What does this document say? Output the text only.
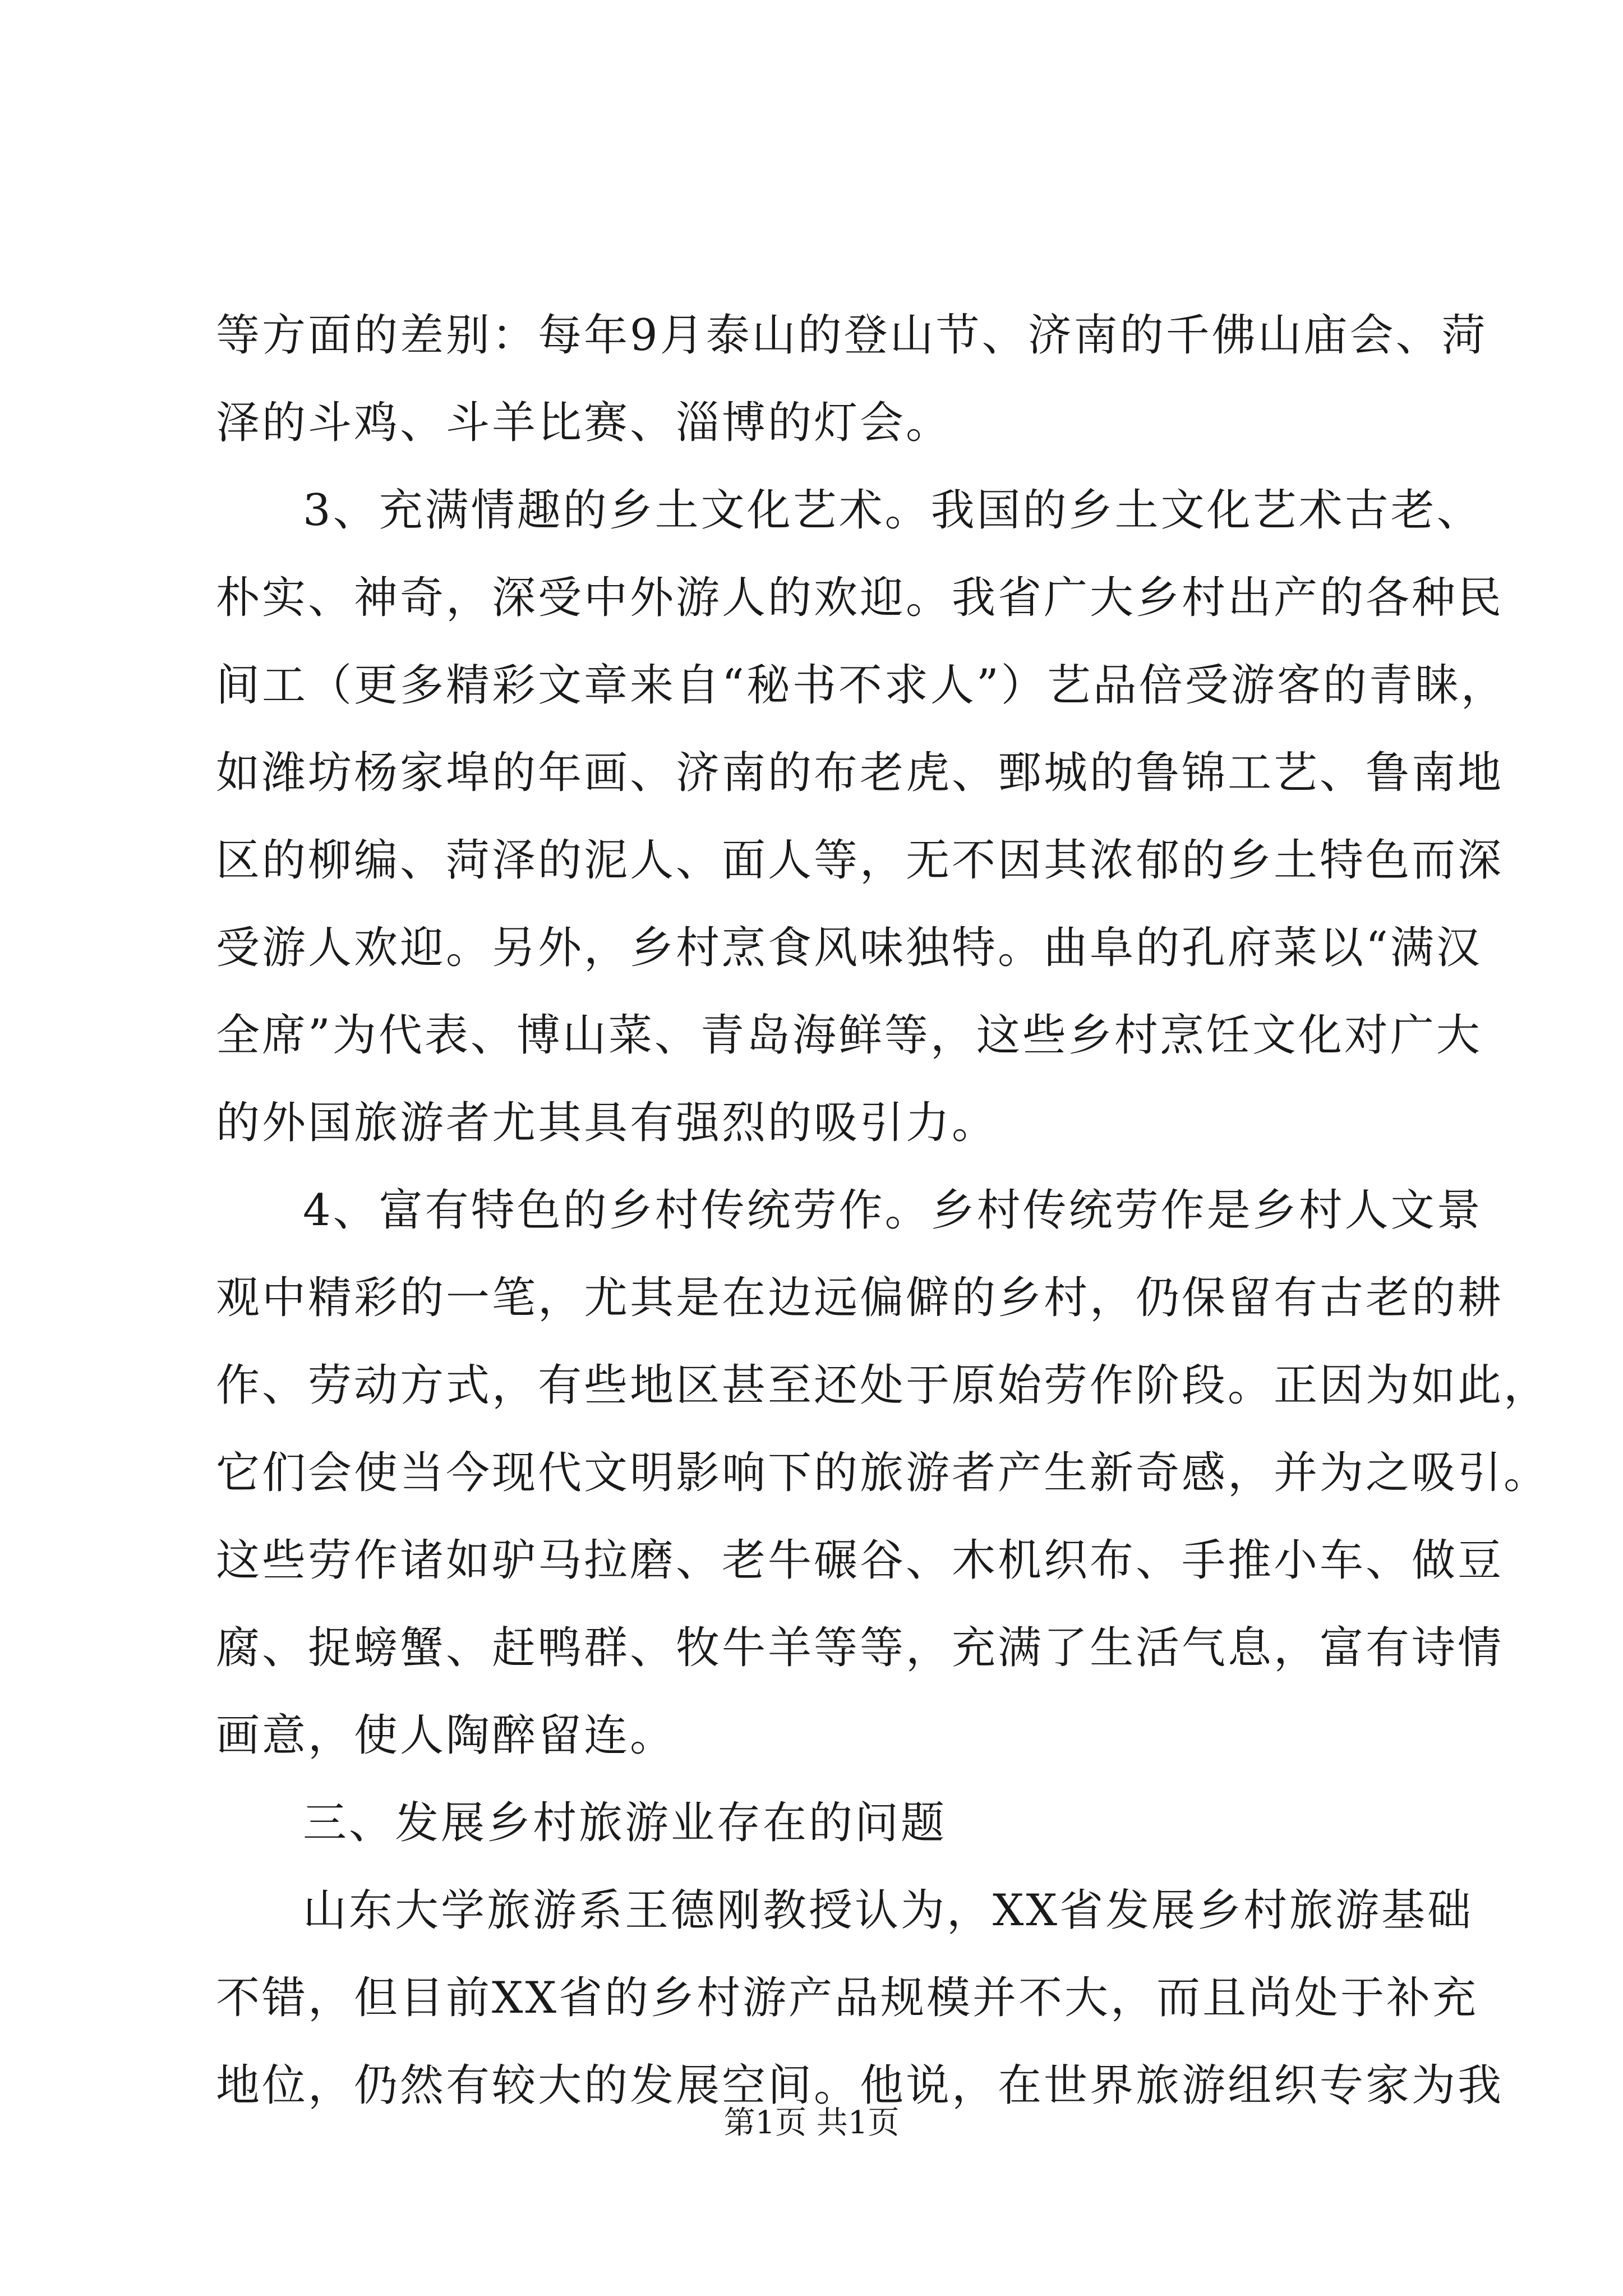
等方面的差别：每年9月泰山的登山节、济南的千佛山庙会、菏
泽的斗鸡、斗羊比赛、淄博的灯会。
3、充满情趣的乡土文化艺术。我国的乡土文化艺术古老、
朴实、神奇，深受中外游人的欢迎。我省广大乡村出产的各种民
间工（更多精彩文章来自“秘书不求人”）艺品倍受游客的青睐，
如潍坊杨家埠的年画、济南的布老虎、鄄城的鲁锦工艺、鲁南地
区的柳编、菏泽的泥人、面人等，无不因其浓郁的乡土特色而深
受游人欢迎。另外，乡村烹食风味独特。曲阜的孔府菜以“满汉
全席”为代表、博山菜、青岛海鲜等，这些乡村烹饪文化对广大
的外国旅游者尤其具有强烈的吸引力。
4、富有特色的乡村传统劳作。乡村传统劳作是乡村人文景
观中精彩的一笔，尤其是在边远偏僻的乡村，仍保留有古老的耕
作、劳动方式，有些地区甚至还处于原始劳作阶段。正因为如此，
它们会使当今现代文明影响下的旅游者产生新奇感，并为之吸引。
这些劳作诸如驴马拉磨、老牛碾谷、木机织布、手推小车、做豆
腐、捉螃蟹、赶鸭群、牧牛羊等等，充满了生活气息，富有诗情
画意，使人陶醉留连。
三、发展乡村旅游业存在的问题
山东大学旅游系王德刚教授认为，XX省发展乡村旅游基础
不错，但目前XX省的乡村游产品规模并不大，而且尚处于补充
地位，仍然有较大的发展空间。他说，在世界旅游组织专家为我
第1页 共1页
